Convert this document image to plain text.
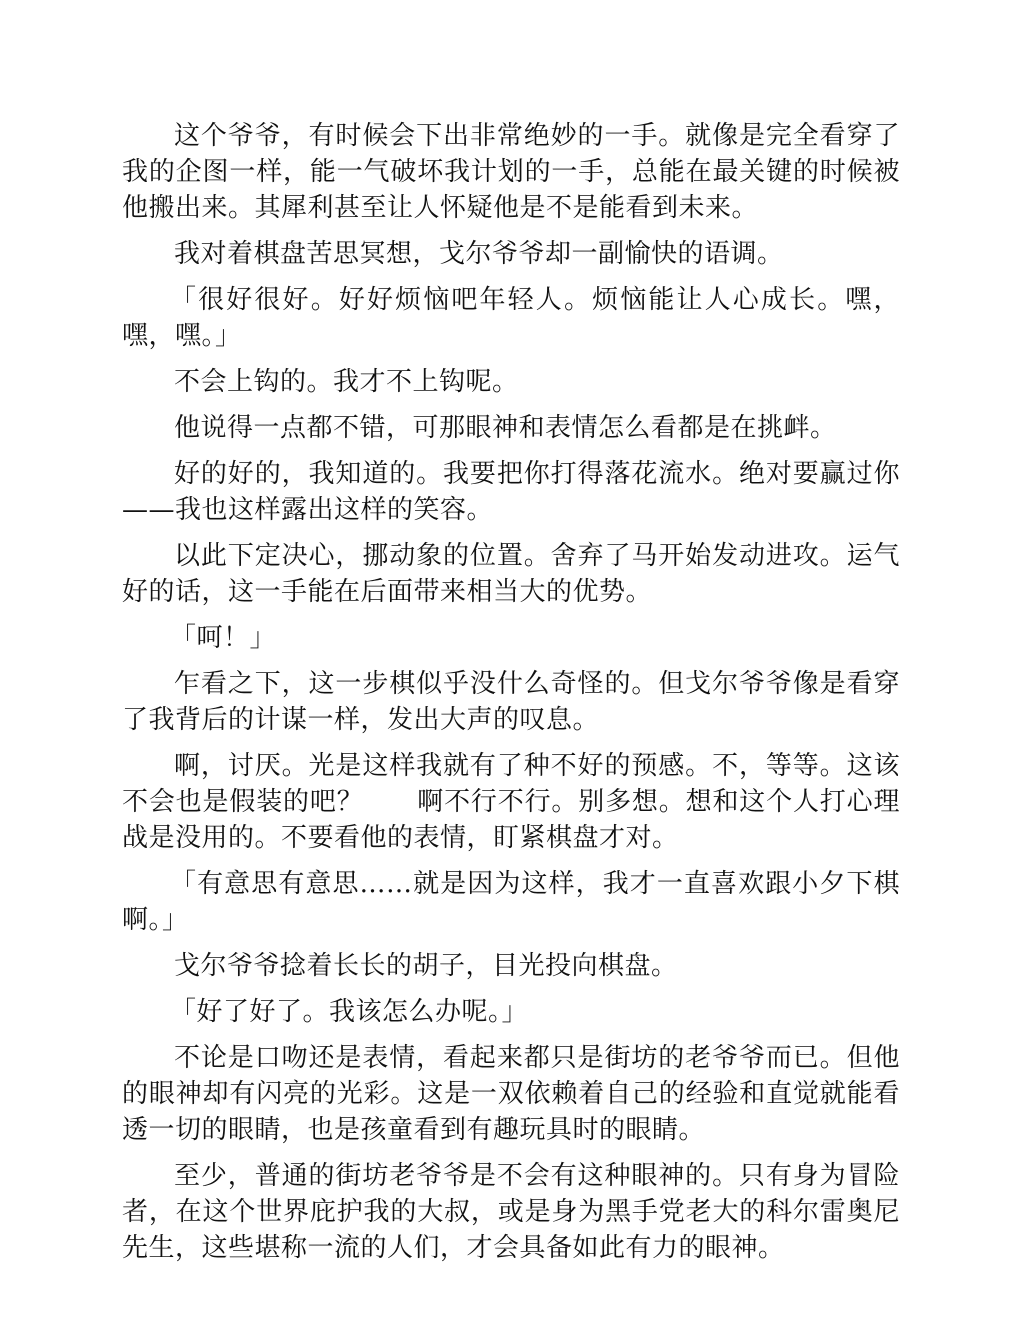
这个爷爷，有时候会下出非常绝妙的一手。就像是完全看穿了我的企图一样，能一气破坏我计划的一手，总能在最关键的时候被他搬出来。其犀利甚至让人怀疑他是不是能看到未来。

我对着棋盘苦思冥想，戈尔爷爷却一副愉快的语调。

「很好很好。好好烦恼吧年轻人。烦恼能让人心成长。嘿，嘿，嘿。」

不会上钩的。我才不上钩呢。

他说得一点都不错，可那眼神和表情怎么看都是在挑衅。

好的好的，我知道的。我要把你打得落花流水。绝对要赢过你——我也这样露出这样的笑容。

以此下定决心，挪动象的位置。舍弃了马开始发动进攻。运气好的话，这一手能在后面带来相当大的优势。

「呵！」

乍看之下，这一步棋似乎没什么奇怪的。但戈尔爷爷像是看穿了我背后的计谋一样，发出大声的叹息。

啊，讨厌。光是这样我就有了种不好的预感。不，等等。这该不会也是假装的吧？　　啊不行不行。别多想。想和这个人打心理战是没用的。不要看他的表情，盯紧棋盘才对。

「有意思有意思……就是因为这样，我才一直喜欢跟小夕下棋啊。」

戈尔爷爷捻着长长的胡子，目光投向棋盘。

「好了好了。我该怎么办呢。」

不论是口吻还是表情，看起来都只是街坊的老爷爷而已。但他的眼神却有闪亮的光彩。这是一双依赖着自己的经验和直觉就能看透一切的眼睛，也是孩童看到有趣玩具时的眼睛。

至少，普通的街坊老爷爷是不会有这种眼神的。只有身为冒险者，在这个世界庇护我的大叔，或是身为黑手党老大的科尔雷奥尼先生，这些堪称一流的人们，才会具备如此有力的眼神。
